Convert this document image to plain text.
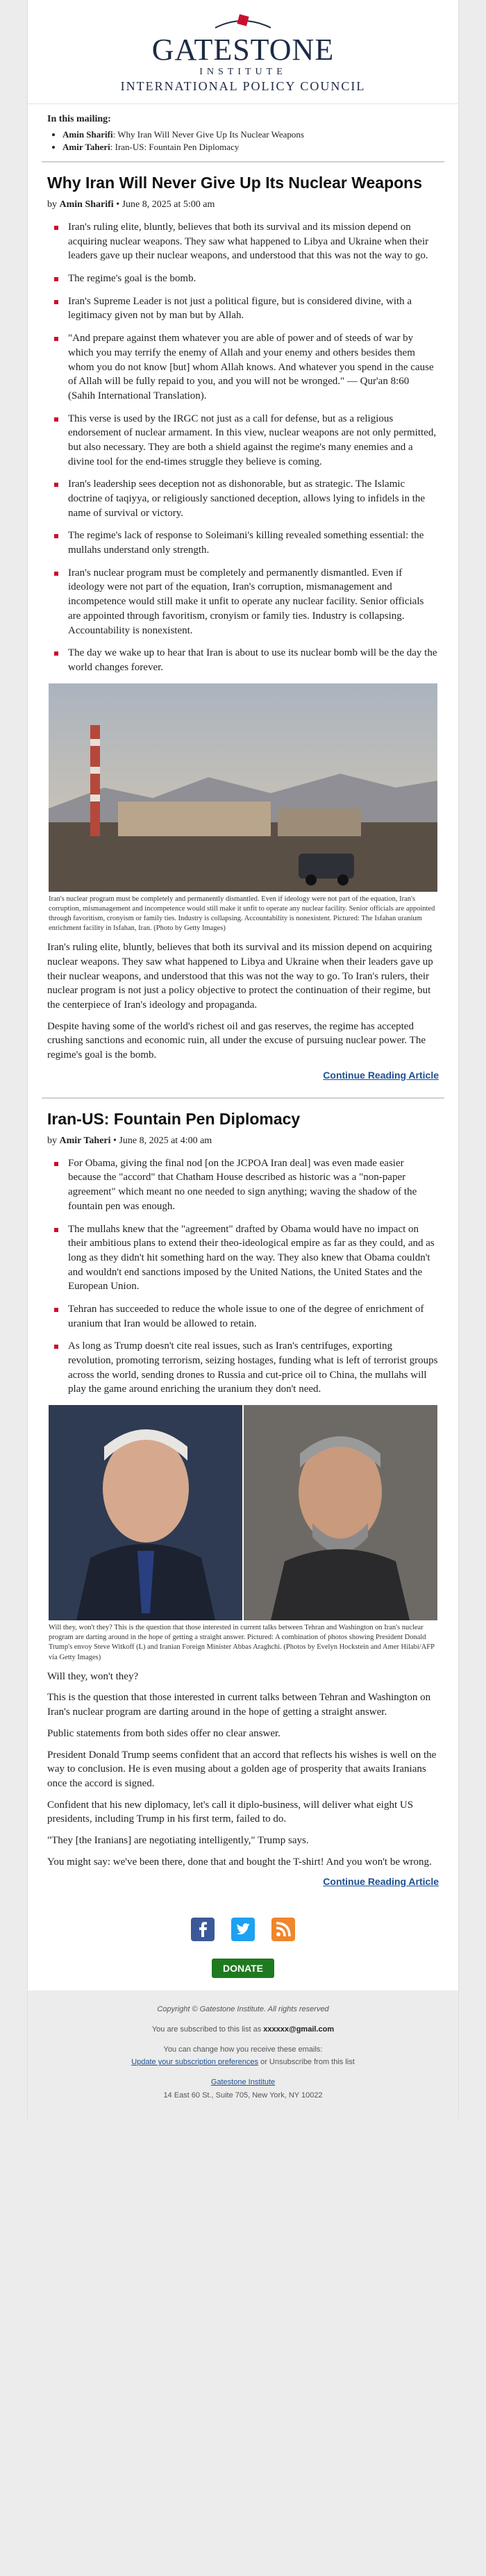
GATESTONE
INSTITUTE
INTERNATIONAL POLICY COUNCIL
In this mailing:
• Amin Sharifi: Why Iran Will Never Give Up Its Nuclear Weapons
• Amir Taheri: Iran-US: Fountain Pen Diplomacy
Why Iran Will Never Give Up Its Nuclear Weapons
by Amin Sharifi • June 8, 2025 at 5:00 am
Iran's ruling elite, bluntly, believes that both its survival and its mission depend on acquiring nuclear weapons. They saw what happened to Libya and Ukraine when their leaders gave up their nuclear weapons, and understood that this was not the way to go.
The regime's goal is the bomb.
Iran's Supreme Leader is not just a political figure, but is considered divine, with a legitimacy given not by man but by Allah.
"And prepare against them whatever you are able of power and of steeds of war by which you may terrify the enemy of Allah and your enemy and others besides them whom you do not know [but] whom Allah knows. And whatever you spend in the cause of Allah will be fully repaid to you, and you will not be wronged." — Qur'an 8:60 (Sahih International Translation).
This verse is used by the IRGC not just as a call for defense, but as a religious endorsement of nuclear armament. In this view, nuclear weapons are not only permitted, but also necessary. They are both a shield against the regime's many enemies and a divine tool for the end-times struggle they believe is coming.
Iran's leadership sees deception not as dishonorable, but as strategic. The Islamic doctrine of taqiyya, or religiously sanctioned deception, allows lying to infidels in the name of survival or victory.
The regime's lack of response to Soleimani's killing revealed something essential: the mullahs understand only strength.
Iran's nuclear program must be completely and permanently dismantled. Even if ideology were not part of the equation, Iran's corruption, mismanagement and incompetence would still make it unfit to operate any nuclear facility. Senior officials are appointed through favoritism, cronyism or family ties. Industry is collapsing. Accountability is nonexistent.
The day we wake up to hear that Iran is about to use its nuclear bomb will be the day the world changes forever.
Iran's nuclear program must be completely and permanently dismantled. Even if ideology were not part of the equation, Iran's corruption, mismanagement and incompetence would still make it unfit to operate any nuclear facility. Senior officials are appointed through favoritism, cronyism or family ties. Industry is collapsing. Accountability is nonexistent. Pictured: The Isfahan uranium enrichment facility in Isfahan, Iran. (Photo by Getty Images)

Iran's ruling elite, bluntly, believes that both its survival and its mission depend on acquiring nuclear weapons. They saw what happened to Libya and Ukraine when their leaders gave up their nuclear weapons, and understood that this was not the way to go. To Iran's rulers, their nuclear program is not just a policy objective to protect the continuation of their regime, but the centerpiece of Iran's ideology and propaganda.

Despite having some of the world's richest oil and gas reserves, the regime has accepted crushing sanctions and economic ruin, all under the excuse of pursuing nuclear power. The regime's goal is the bomb.

Continue Reading Article
Iran-US: Fountain Pen Diplomacy
by Amir Taheri • June 8, 2025 at 4:00 am
For Obama, giving the final nod [on the JCPOA Iran deal] was even made easier because the "accord" that Chatham House described as historic was a "non-paper agreement" which meant no one needed to sign anything; waving the shadow of the fountain pen was enough.
The mullahs knew that the "agreement" drafted by Obama would have no impact on their ambitious plans to extend their theo-ideological empire as far as they could, and as long as they didn't hit something hard on the way. They also knew that Obama couldn't and wouldn't end sanctions imposed by the United Nations, the United States and the European Union.
Tehran has succeeded to reduce the whole issue to one of the degree of enrichment of uranium that Iran would be allowed to retain.
As long as Trump doesn't cite real issues, such as Iran's centrifuges, exporting revolution, promoting terrorism, seizing hostages, funding what is left of terrorist groups across the world, sending drones to Russia and cut-price oil to China, the mullahs will play the game around enriching the uranium they don't need.
Will they, won't they? This is the question that those interested in current talks between Tehran and Washington on Iran's nuclear program are darting around in the hope of getting a straight answer. Pictured: A combination of photos showing President Donald Trump's envoy Steve Witkoff (L) and Iranian Foreign Minister Abbas Araghchi. (Photos by Evelyn Hockstein and Amer Hilabi/AFP via Getty Images)

Will they, won't they?

This is the question that those interested in current talks between Tehran and Washington on Iran's nuclear program are darting around in the hope of getting a straight answer.

Public statements from both sides offer no clear answer.

President Donald Trump seems confident that an accord that reflects his wishes is well on the way to conclusion. He is even musing about a golden age of prosperity that awaits Iranians once the accord is signed.

Confident that his new diplomacy, let's call it diplo-business, will deliver what eight US presidents, including Trump in his first term, failed to do.

"They [the Iranians] are negotiating intelligently," Trump says.

You might say: we've been there, done that and bought the T-shirt! And you won't be wrong.

Continue Reading Article

DONATE
Copyright © Gatestone Institute. All rights reserved
You are subscribed to this list as xxxxxx@gmail.com
You can change how you receive these emails:
Update your subscription preferences or Unsubscribe from this list
Gatestone Institute
14 East 60 St., Suite 705, New York, NY 10022
